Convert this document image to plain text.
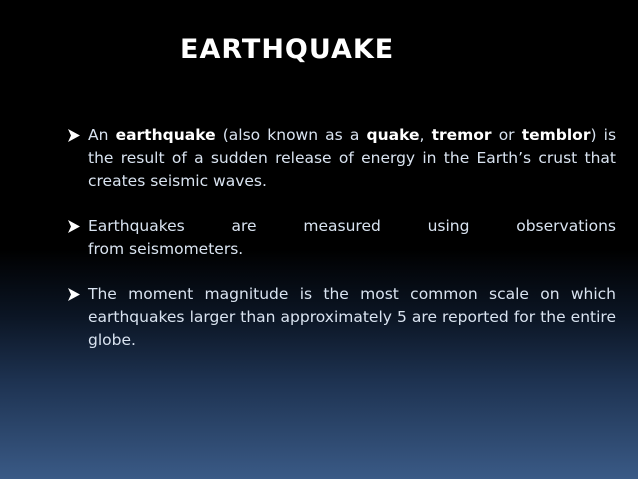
EARTHQUAKE
An earthquake (also known as a quake, tremor or temblor) is the result of a sudden release of energy in the Earth’s crust that creates seismic waves.
Earthquakes	are	measured	using	observations
from seismometers.
The moment magnitude is the most common scale on which earthquakes larger than approximately 5 are reported for the entire globe.
